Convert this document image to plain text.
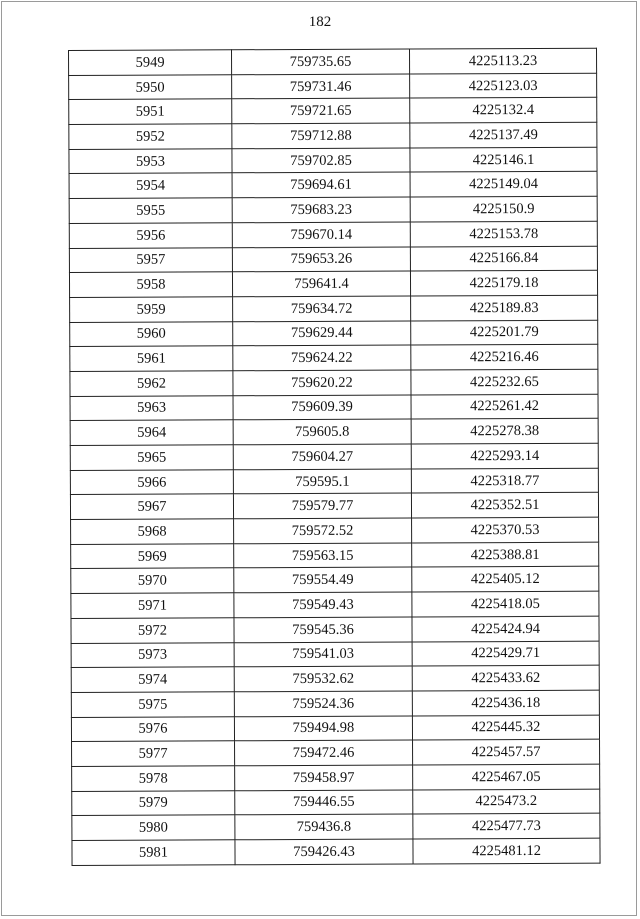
182
5949	759735.65	4225113.23
5950	759731.46	4225123.03
5951	759721.65	4225132.4
5952	759712.88	4225137.49
5953	759702.85	4225146.1
5954	759694.61	4225149.04
5955	759683.23	4225150.9
5956	759670.14	4225153.78
5957	759653.26	4225166.84
5958	759641.4	4225179.18
5959	759634.72	4225189.83
5960	759629.44	4225201.79
5961	759624.22	4225216.46
5962	759620.22	4225232.65
5963	759609.39	4225261.42
5964	759605.8	4225278.38
5965	759604.27	4225293.14
5966	759595.1	4225318.77
5967	759579.77	4225352.51
5968	759572.52	4225370.53
5969	759563.15	4225388.81
5970	759554.49	4225405.12
5971	759549.43	4225418.05
5972	759545.36	4225424.94
5973	759541.03	4225429.71
5974	759532.62	4225433.62
5975	759524.36	4225436.18
5976	759494.98	4225445.32
5977	759472.46	4225457.57
5978	759458.97	4225467.05
5979	759446.55	4225473.2
5980	759436.8	4225477.73
5981	759426.43	4225481.12
